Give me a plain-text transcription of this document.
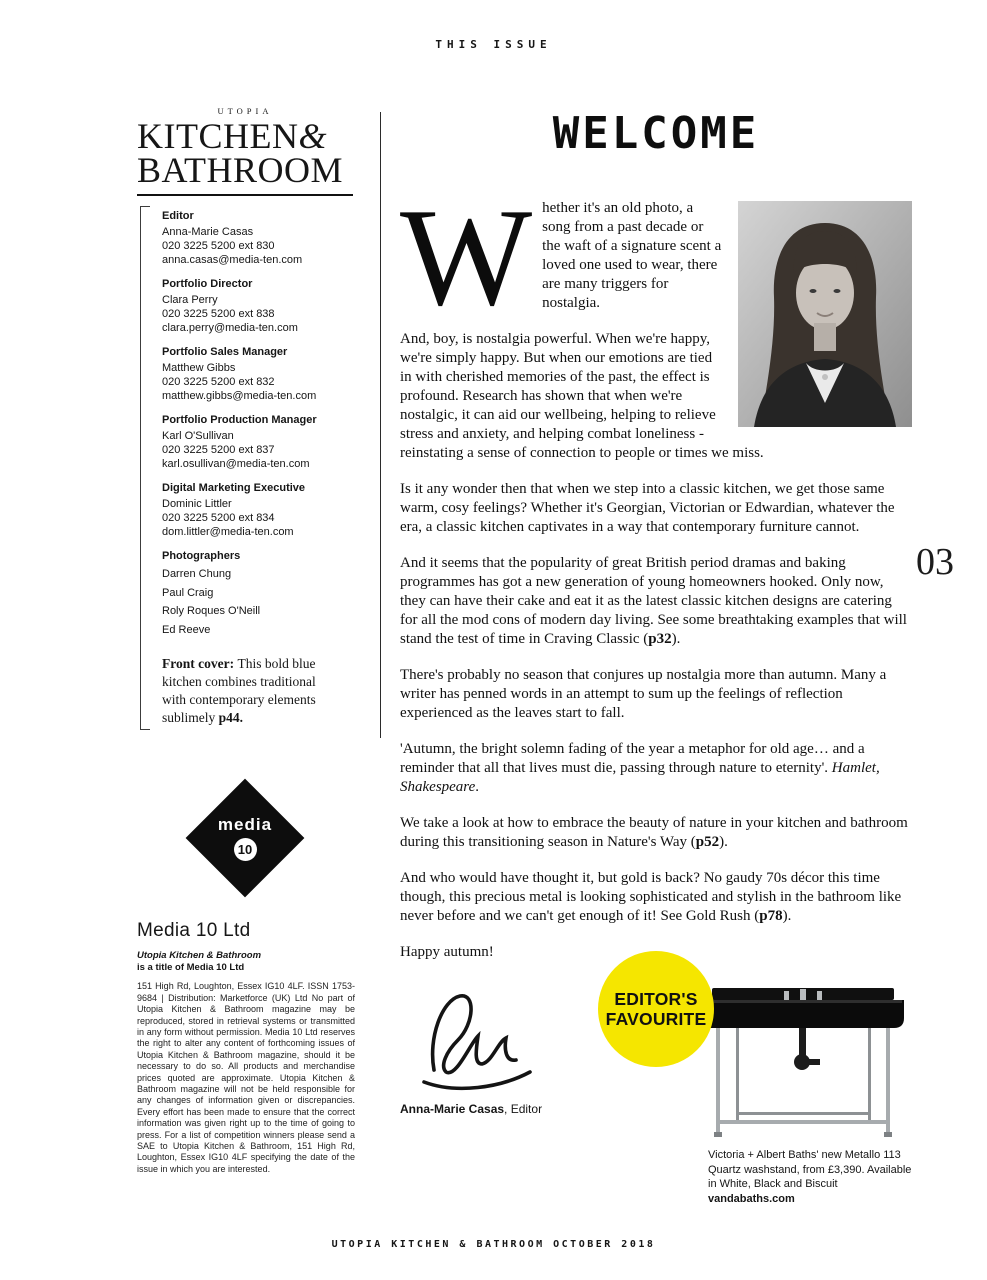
THIS ISSUE
UTOPIA
KITCHEN&
BATHROOM
Editor
Anna-Marie Casas
020 3225 5200 ext 830
anna.casas@media-ten.com
Portfolio Director
Clara Perry
020 3225 5200 ext 838
clara.perry@media-ten.com
Portfolio Sales Manager
Matthew Gibbs
020 3225 5200 ext 832
matthew.gibbs@media-ten.com
Portfolio Production Manager
Karl O'Sullivan
020 3225 5200 ext 837
karl.osullivan@media-ten.com
Digital Marketing Executive
Dominic Littler
020 3225 5200 ext 834
dom.littler@media-ten.com
Photographers
Darren Chung
Paul Craig
Roly Roques O'Neill
Ed Reeve

Front cover: This bold blue kitchen combines traditional with contemporary elements sublimely p44.

media
10
Media 10 Ltd
Utopia Kitchen & Bathroom
is a title of Media 10 Ltd

151 High Rd, Loughton, Essex IG10 4LF. ISSN 1753-9684 | Distribution: Marketforce (UK) Ltd No part of Utopia Kitchen & Bathroom magazine may be reproduced, stored in retrieval systems or transmitted in any form without permission. Media 10 Ltd reserves the right to alter any content of forthcoming issues of Utopia Kitchen & Bathroom magazine, should it be necessary to do so. All products and merchandise prices quoted are approximate. Utopia Kitchen & Bathroom magazine will not be held responsible for any changes of information given or discrepancies. Every effort has been made to ensure that the correct information was given right up to the time of going to press. For a list of competition winners please send a SAE to Utopia Kitchen & Bathroom, 151 High Rd, Loughton, Essex IG10 4LF specifying the date of the issue in which you are interested.

WELCOME
W hether it's an old photo, a song from a past decade or the waft of a signature scent a loved one used to wear, there are many triggers for nostalgia.

And, boy, is nostalgia powerful. When we're happy, we're simply happy. But when our emotions are tied in with cherished memories of the past, the effect is profound. Research has shown that when we're nostalgic, it can aid our wellbeing, helping to relieve stress and anxiety, and helping combat loneliness -reinstating a sense of connection to people or times we miss.

Is it any wonder then that when we step into a classic kitchen, we get those same warm, cosy feelings? Whether it's Georgian, Victorian or Edwardian, whatever the era, a classic kitchen captivates in a way that contemporary furniture cannot.

And it seems that the popularity of great British period dramas and baking programmes has got a new generation of young homeowners hooked. Only now, they can have their cake and eat it as the latest classic kitchen designs are catering for all the mod cons of modern day living. See some breathtaking examples that will stand the test of time in Craving Classic (p32).

There's probably no season that conjures up nostalgia more than autumn. Many a writer has penned words in an attempt to sum up the feelings of reflection experienced as the leaves start to fall.

'Autumn, the bright solemn fading of the year a metaphor for old age… and a reminder that all that lives must die, passing through nature to eternity'. Hamlet, Shakespeare.

We take a look at how to embrace the beauty of nature in your kitchen and bathroom during this transitioning season in Nature's Way (p52).

And who would have thought it, but gold is back? No gaudy 70s décor this time though, this precious metal is looking sophisticated and stylish in the bathroom like never before and we can't get enough of it! See Gold Rush (p78).

Happy autumn!

03
Anna-Marie Casas, Editor
EDITOR'S
FAVOURITE

Victoria + Albert Baths' new Metallo 113 Quartz washstand, from £3,390. Available in White, Black and Biscuit vandabaths.com

UTOPIA KITCHEN & BATHROOM OCTOBER 2018
